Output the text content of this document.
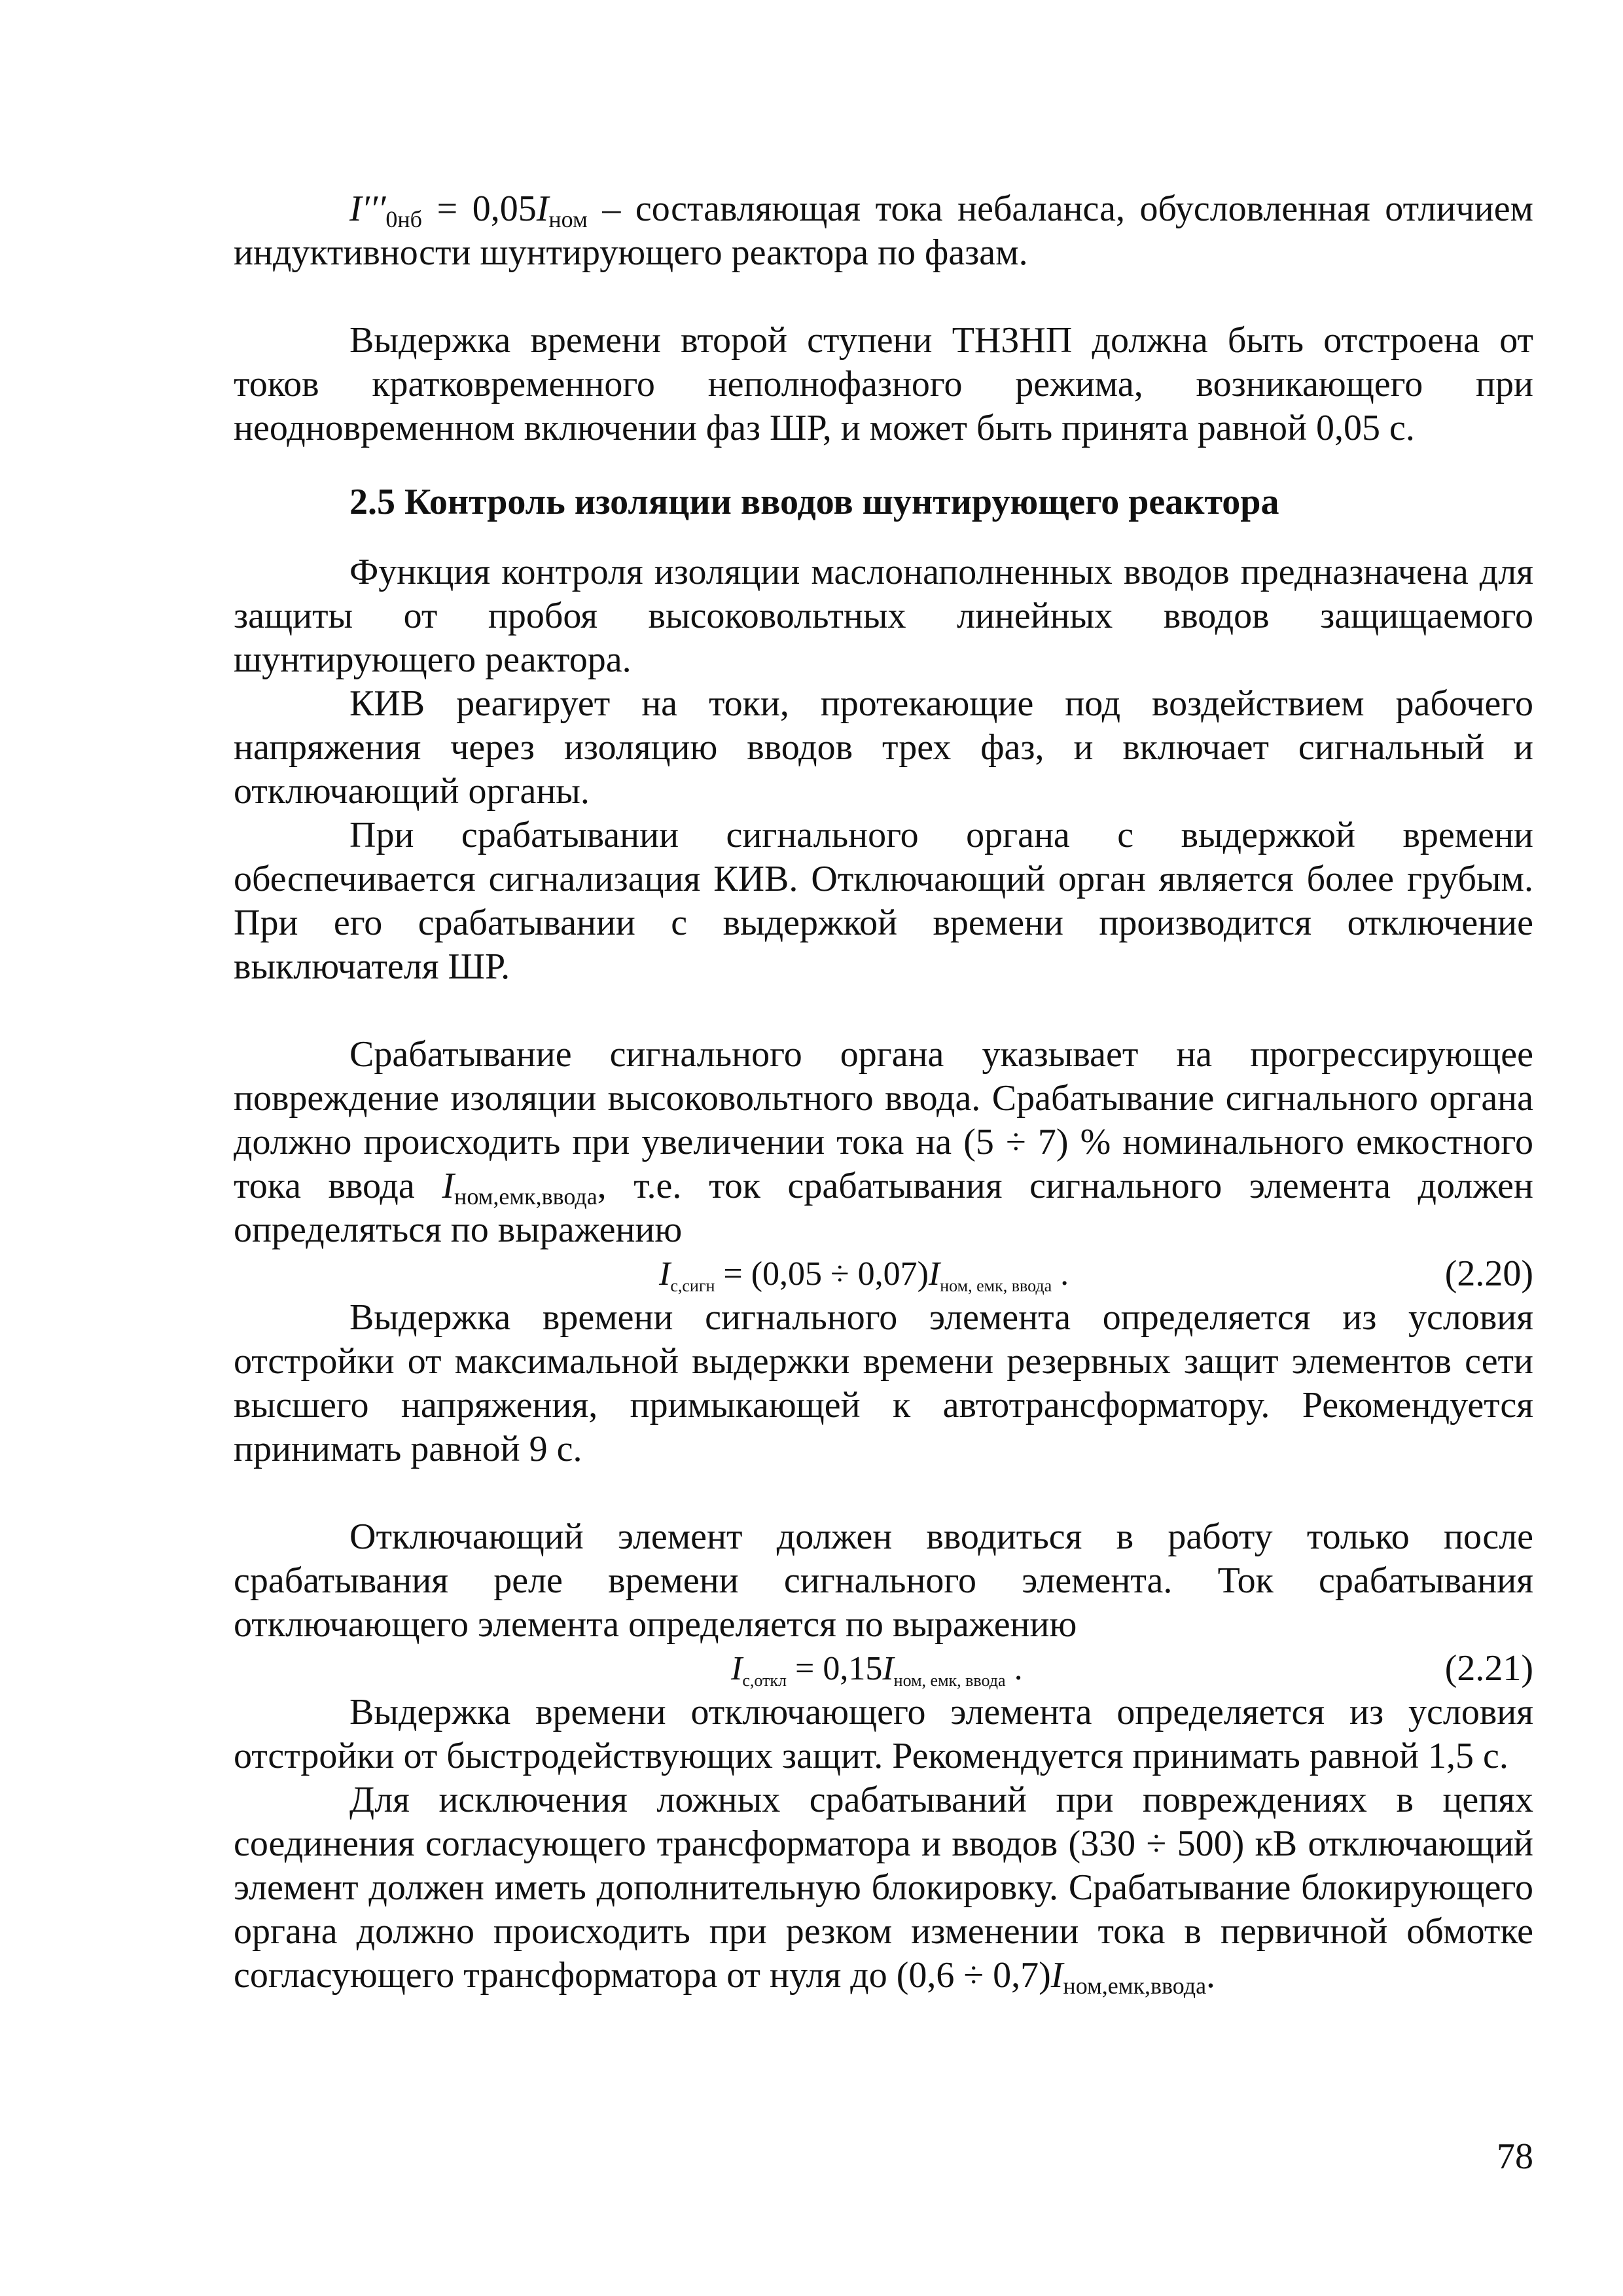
$I'''_{0нб} = 0,05I_{ном}$ – составляющая тока небаланса, обусловленная отличием индуктивности шунтирующего реактора по фазам.

Выдержка времени второй ступени ТНЗНП должна быть отстроена от токов кратковременного неполнофазного режима, возникающего при неодновременном включении фаз ШР, и может быть принята равной 0,05 с.

2.5 Контроль изоляции вводов шунтирующего реактора

Функция контроля изоляции маслонаполненных вводов предназначена для защиты от пробоя высоковольтных линейных вводов защищаемого шунтирующего реактора.

КИВ реагирует на токи, протекающие под воздействием рабочего напряжения через изоляцию вводов трех фаз, и включает сигнальный и отключающий органы.

При срабатывании сигнального органа с выдержкой времени обеспечивается сигнализация КИВ. Отключающий орган является более грубым. При его срабатывании с выдержкой времени производится отключение выключателя ШР.

Срабатывание сигнального органа указывает на прогрессирующее повреждение изоляции высоковольтного ввода. Срабатывание сигнального органа должно происходить при увеличении тока на (5 ÷ 7) % номинального емкостного тока ввода $I_{ном,емк,ввода}$, т.е. ток срабатывания сигнального элемента должен определяться по выражению

Iс,сигн = (0,05 ÷ 0,07)Iном, емк, ввода .	(2.20)

Выдержка времени сигнального элемента определяется из условия отстройки от максимальной выдержки времени резервных защит элементов сети высшего напряжения, примыкающей к автотрансформатору. Рекомендуется принимать равной 9 с.

Отключающий элемент должен вводиться в работу только после срабатывания реле времени сигнального элемента. Ток срабатывания отключающего элемента определяется по выражению

Iс,откл = 0,15Iном, емк, ввода .	(2.21)

Выдержка времени отключающего элемента определяется из условия отстройки от быстродействующих защит. Рекомендуется принимать равной 1,5 с.

Для исключения ложных срабатываний при повреждениях в цепях соединения согласующего трансформатора и вводов (330 ÷ 500) кВ отключающий элемент должен иметь дополнительную блокировку. Срабатывание блокирующего органа должно происходить при резком изменении тока в первичной обмотке согласующего трансформатора от нуля до $(0,6 \div 0,7)I_{ном,емк,ввода}$.

78
